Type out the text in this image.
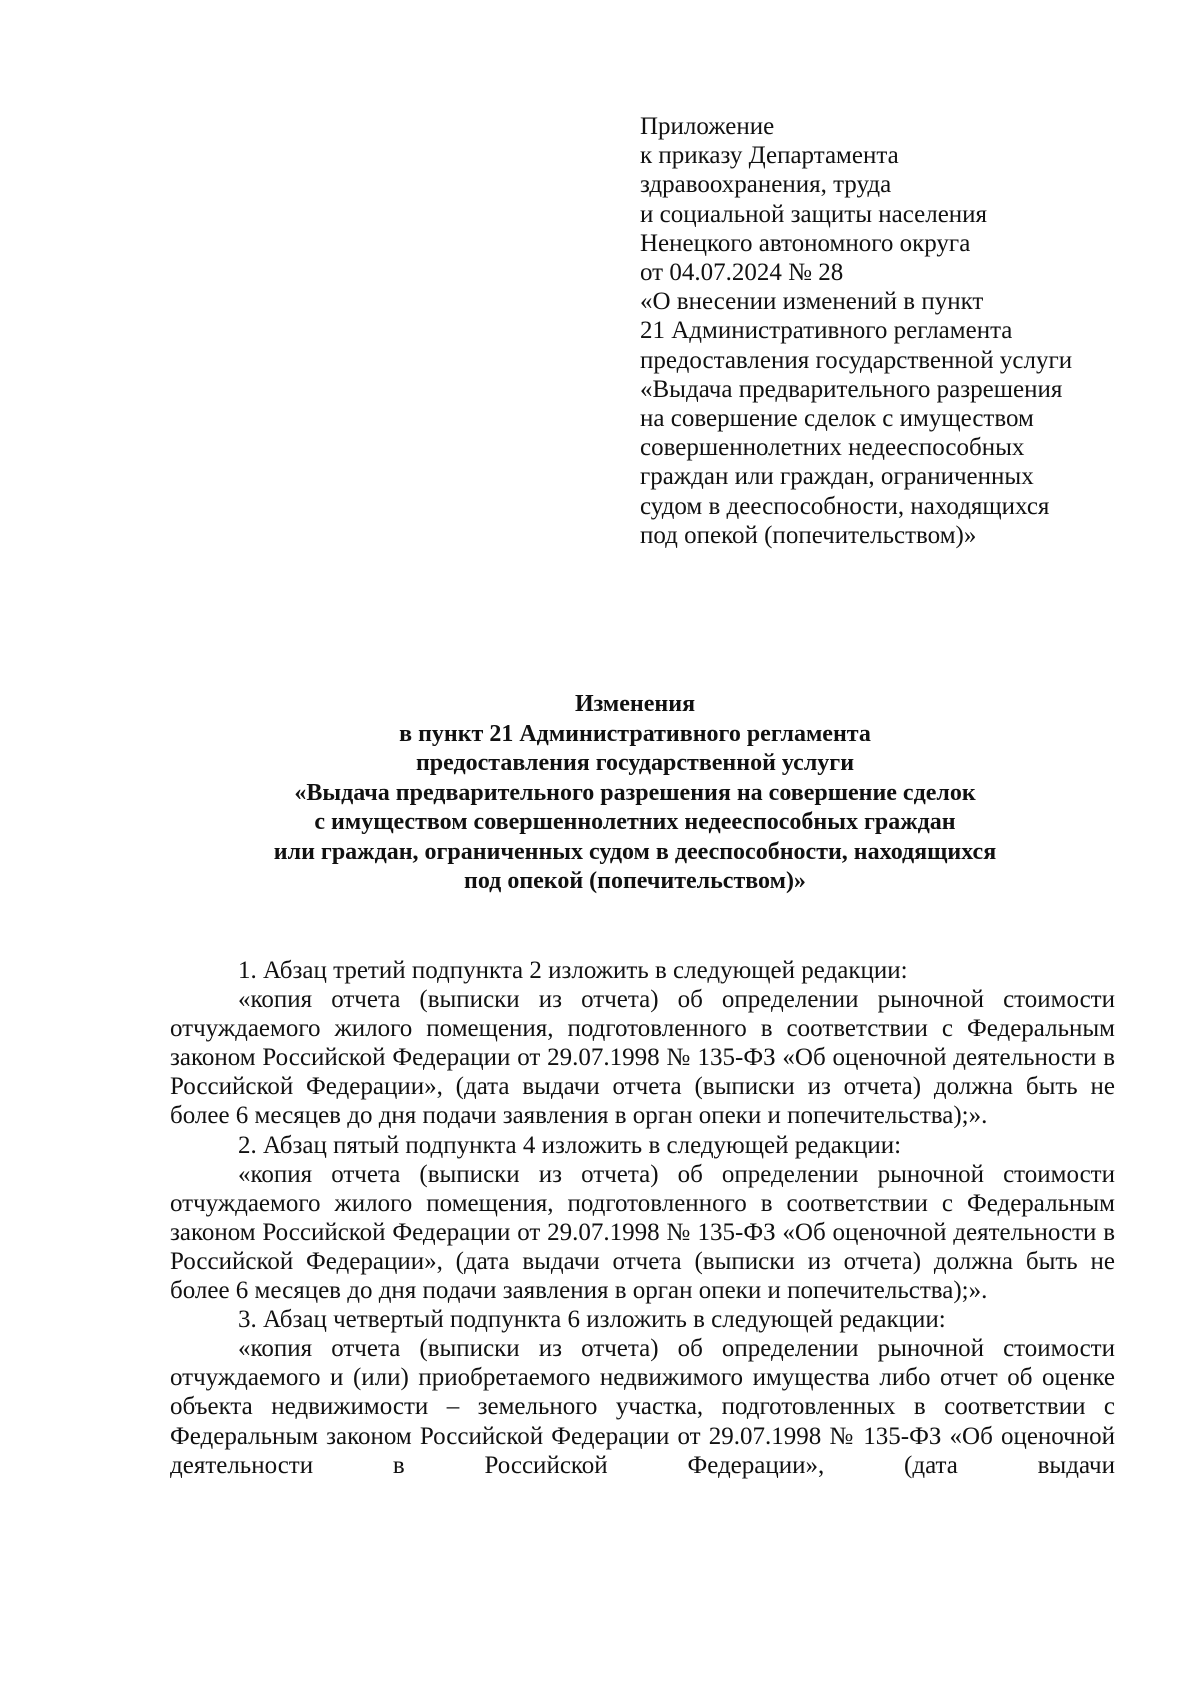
Приложение
к приказу Департамента
здравоохранения, труда
и социальной защиты населения
Ненецкого автономного округа
от 04.07.2024 № 28
«О внесении изменений в пункт
21 Административного регламента
предоставления государственной услуги
«Выдача предварительного разрешения
на совершение сделок с имуществом
совершеннолетних недееспособных
граждан или граждан, ограниченных
судом в дееспособности, находящихся
под опекой (попечительством)»
Изменения
в пункт 21 Административного регламента
предоставления государственной услуги
«Выдача предварительного разрешения на совершение сделок
с имуществом совершеннолетних недееспособных граждан
или граждан, ограниченных судом в дееспособности, находящихся
под опекой (попечительством)»

1. Абзац третий подпункта 2 изложить в следующей редакции:

«копия отчета (выписки из отчета) об определении рыночной стоимости отчуждаемого жилого помещения, подготовленного в соответствии с Федеральным законом Российской Федерации от 29.07.1998 № 135-ФЗ «Об оценочной деятельности в Российской Федерации», (дата выдачи отчета (выписки из отчета) должна быть не более 6 месяцев до дня подачи заявления в орган опеки и попечительства);».

2. Абзац пятый подпункта 4 изложить в следующей редакции:

«копия отчета (выписки из отчета) об определении рыночной стоимости отчуждаемого жилого помещения, подготовленного в соответствии с Федеральным законом Российской Федерации от 29.07.1998 № 135-ФЗ «Об оценочной деятельности в Российской Федерации», (дата выдачи отчета (выписки из отчета) должна быть не более 6 месяцев до дня подачи заявления в орган опеки и попечительства);».

3. Абзац четвертый подпункта 6 изложить в следующей редакции:

«копия отчета (выписки из отчета) об определении рыночной стоимости отчуждаемого и (или) приобретаемого недвижимого имущества либо отчет об оценке объекта недвижимости – земельного участка, подготовленных в соответствии с Федеральным законом Российской Федерации от 29.07.1998 № 135-ФЗ «Об оценочной деятельности в Российской Федерации», (дата выдачи
